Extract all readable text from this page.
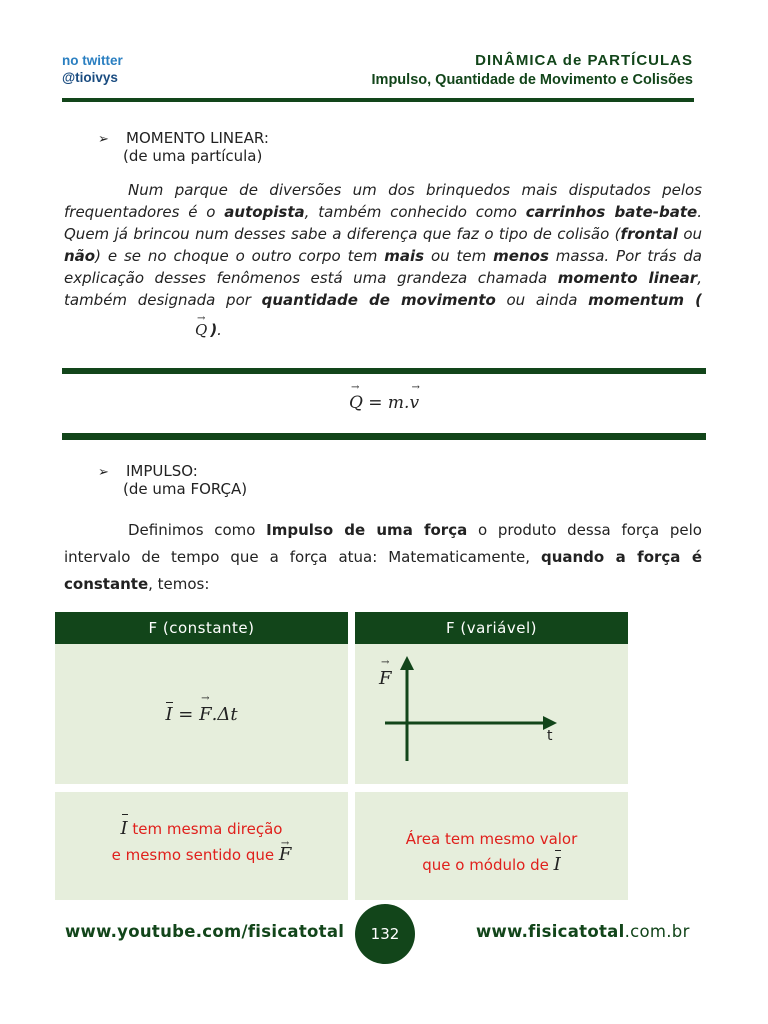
no twitter
@tioivys
DINÂMICA de PARTÍCULAS
Impulso, Quantidade de Movimento e Colisões
➢ MOMENTO LINEAR:
(de uma partícula)
Num parque de diversões um dos brinquedos mais disputados pelos frequentadores é o autopista, também conhecido como carrinhos bate-bate. Quem já brincou num desses sabe a diferença que faz o tipo de colisão (frontal ou não) e se no choque o outro corpo tem mais ou tem menos massa. Por trás da explicação desses fenômenos está uma grandeza chamada momento linear, também designada por quantidade de movimento ou ainda momentum (→ Q ).
→ Q = m.→ v
➢ IMPULSO:
(de uma FORÇA)
Definimos como Impulso de uma força o produto dessa força pelo intervalo de tempo que a força atua: Matematicamente, quando a força é constante, temos:
F (constante)
I = → F.Δt
I tem mesma direção
e mesmo sentido que → F
F (variável)
→ F
t
Área tem mesmo valor
que o módulo de I
www.youtube.com/fisicatotal	132	www.fisicatotal.com.br
